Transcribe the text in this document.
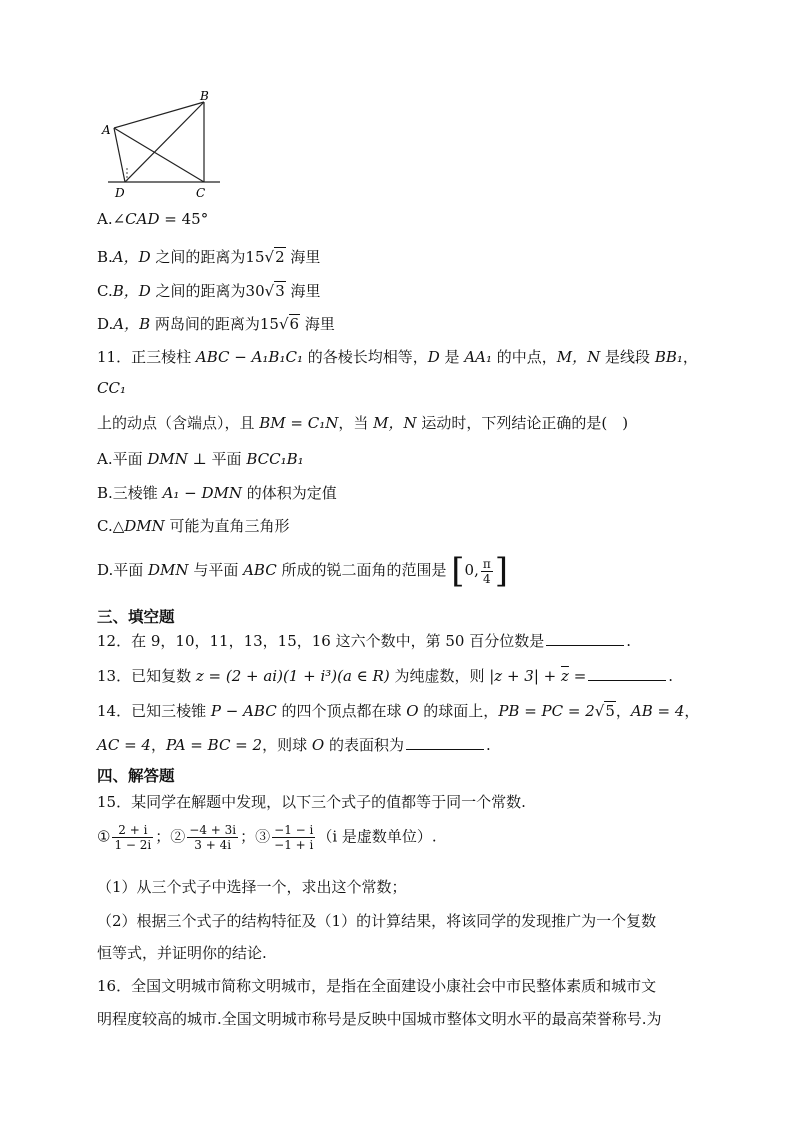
A
B
C
D
A.∠CAD = 45°
B.A，D 之间的距离为15√2 海里
C.B，D 之间的距离为30√3 海里
D.A，B 两岛间的距离为15√6 海里
11．正三棱柱 ABC − A₁B₁C₁ 的各棱长均相等，D 是 AA₁ 的中点，M，N 是线段 BB₁，
CC₁
上的动点（含端点），且 BM = C₁N，当 M，N 运动时，下列结论正确的是(　)
A.平面 DMN ⊥ 平面 BCC₁B₁
B.三棱锥 A₁ − DMN 的体积为定值
C.△DMN 可能为直角三角形
D.平面 DMN 与平面 ABC 所成的锐二面角的范围是 [0, $\frac{\pi}{4}$ ]
三、填空题
12．在 9，10，11，13，15，16 这六个数中，第 50 百分位数是	.
13．已知复数 z = (2 + ai)(1 + i³)(a ∈ R) 为纯虚数，则 $|z + 3| + \overline{z}$ =	.
14．已知三棱锥 P − ABC 的四个顶点都在球 O 的球面上，PB = PC = 2√5，AB = 4，
AC = 4，PA = BC = 2，则球 O 的表面积为	.
四、解答题
15．某同学在解题中发现，以下三个式子的值都等于同一个常数.
① $\frac{2 + i}{1 - 2i}$ ；② $\frac{-4 + 3i}{3 + 4i}$ ；③ $\frac{-1 - i}{-1 + i} (i$ 是虚数单位）.
（1）从三个式子中选择一个，求出这个常数；
（2）根据三个式子的结构特征及（1）的计算结果，将该同学的发现推广为一个复数
恒等式，并证明你的结论.
16．全国文明城市简称文明城市，是指在全面建设小康社会中市民整体素质和城市文
明程度较高的城市.全国文明城市称号是反映中国城市整体文明水平的最高荣誉称号.为
